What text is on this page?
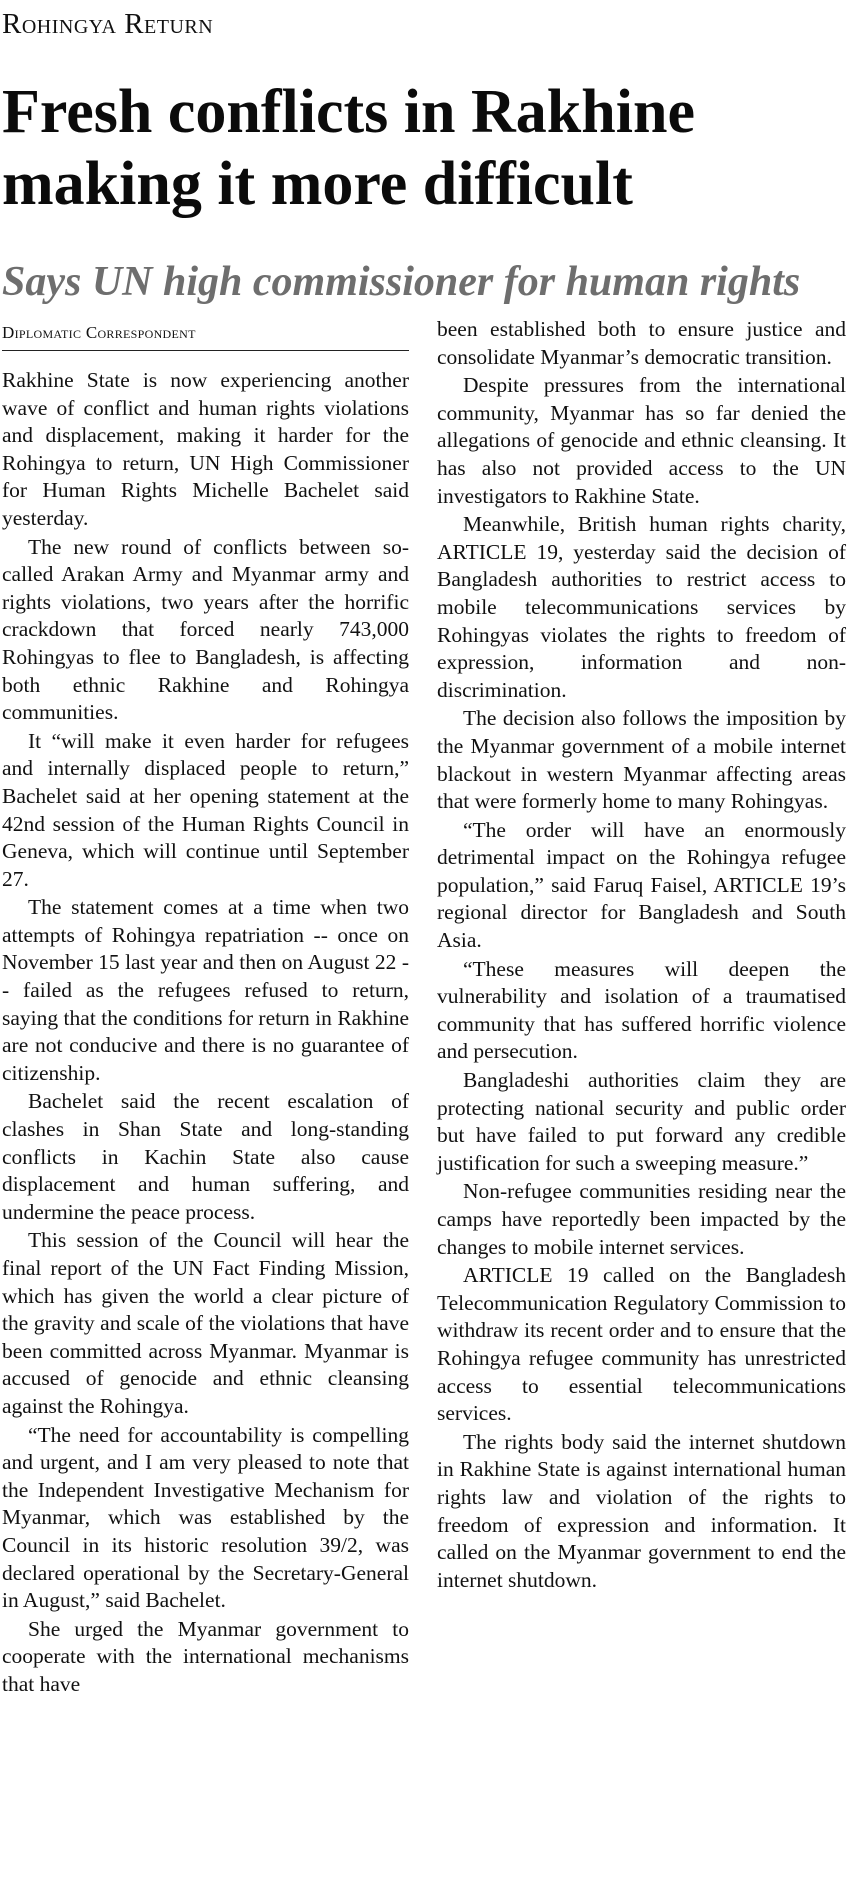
Rohingya Return
Fresh conflicts in Rakhine
making it more difficult
Says UN high commissioner for human rights
Diplomatic Correspondent

Rakhine State is now experiencing another wave of conflict and human rights violations and displacement, making it harder for the Rohingya to return, UN High Commissioner for Human Rights Michelle Bachelet said yesterday.

The new round of conflicts between so-called Arakan Army and Myanmar army and rights violations, two years after the horrific crackdown that forced nearly 743,000 Rohingyas to flee to Bangladesh, is affecting both ethnic Rakhine and Rohingya communities.

It “will make it even harder for refugees and internally displaced people to return,” Bachelet said at her opening statement at the 42nd session of the Human Rights Council in Geneva, which will continue until September 27.

The statement comes at a time when two attempts of Rohingya repatriation -- once on November 15 last year and then on August 22 -- failed as the refugees refused to return, saying that the conditions for return in Rakhine are not conducive and there is no guarantee of citizenship.

Bachelet said the recent escalation of clashes in Shan State and long-standing conflicts in Kachin State also cause displacement and human suffering, and undermine the peace process.

This session of the Council will hear the final report of the UN Fact Finding Mission, which has given the world a clear picture of the gravity and scale of the violations that have been committed across Myanmar. Myanmar is accused of genocide and ethnic cleansing against the Rohingya.

“The need for accountability is compelling and urgent, and I am very pleased to note that the Independent Investigative Mechanism for Myanmar, which was established by the Council in its historic resolution 39/2, was declared operational by the Secretary-General in August,” said Bachelet.

She urged the Myanmar government to cooperate with the international mechanisms that have

been established both to ensure justice and consolidate Myanmar’s democratic transition.

Despite pressures from the international community, Myanmar has so far denied the allegations of genocide and ethnic cleansing. It has also not provided access to the UN investigators to Rakhine State.

Meanwhile, British human rights charity, ARTICLE 19, yesterday said the decision of Bangladesh authorities to restrict access to mobile telecommunications services by Rohingyas violates the rights to freedom of expression, information and non-discrimination.

The decision also follows the imposition by the Myanmar government of a mobile internet blackout in western Myanmar affecting areas that were formerly home to many Rohingyas.

“The order will have an enormously detrimental impact on the Rohingya refugee population,” said Faruq Faisel, ARTICLE 19’s regional director for Bangladesh and South Asia.

“These measures will deepen the vulnerability and isolation of a traumatised community that has suffered horrific violence and persecution.

Bangladeshi authorities claim they are protecting national security and public order but have failed to put forward any credible justification for such a sweeping measure.”

Non-refugee communities residing near the camps have reportedly been impacted by the changes to mobile internet services.

ARTICLE 19 called on the Bangladesh Telecommunication Regulatory Commission to withdraw its recent order and to ensure that the Rohingya refugee community has unrestricted access to essential telecommunications services.

The rights body said the internet shutdown in Rakhine State is against international human rights law and violation of the rights to freedom of expression and information. It called on the Myanmar government to end the internet shutdown.
